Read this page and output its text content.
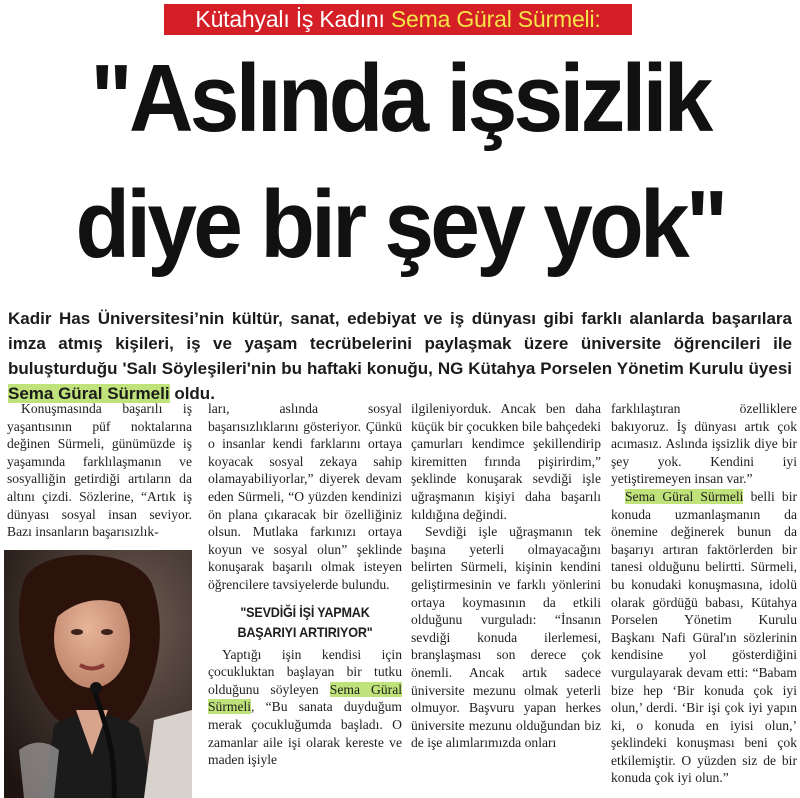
Kütahyalı İş Kadını
Sema Güral Sürmeli:
"Aslında işsizlik
diye bir şey yok"
Kadir Has Üniversitesi’nin kültür, sanat, edebiyat ve iş dünyası gibi farklı alanlarda başarılara imza atmış kişileri, iş ve yaşam tecrübelerini paylaşmak üzere üniversite öğrencileri ile buluşturduğu 'Salı Söyleşileri'nin bu haftaki konuğu, NG Kütahya Porselen Yönetim Kurulu üyesi Sema Güral Sürmeli oldu.

Konuşmasında başarılı iş yaşantısının püf noktalarına değinen Sürmeli, günümüzde iş yaşamında farklılaşmanın ve sosyalliğin getirdiği artıların da altını çizdi. Sözlerine, “Artık iş dünyası sosyal insan seviyor. Bazı insanların başarısızlık-

ları, aslında sosyal başarısızlıklarını gösteriyor. Çünkü o insanlar kendi farklarını ortaya koyacak sosyal zekaya sahip olamayabiliyorlar,” diyerek devam eden Sürmeli, “O yüzden kendinizi ön plana çıkaracak bir özelliğiniz olsun. Mutlaka farkınızı ortaya koyun ve sosyal olun” şeklinde konuşarak başarılı olmak isteyen öğrencilere tavsiyelerde bulundu.

"SEVDİĞİ İŞİ YAPMAK
BAŞARIYI ARTIRIYOR"

Yaptığı işin kendisi için çocukluktan başlayan bir tutku olduğunu söyleyen Sema Güral Sürmeli, “Bu sanata duyduğum merak çocukluğumda başladı. O zamanlar aile işi olarak kereste ve maden işiyle

ilgileniyorduk. Ancak ben daha küçük bir çocukken bile bahçedeki çamurları kendimce şekillendirip kiremitten fırında pişirirdim,” şeklinde konuşarak sevdiği işle uğraşmanın kişiyi daha başarılı kıldığına değindi.

Sevdiği işle uğraşmanın tek başına yeterli olmayacağını belirten Sürmeli, kişinin kendini geliştirmesinin ve farklı yönlerini ortaya koymasının da etkili olduğunu vurguladı: “İnsanın sevdiği konuda ilerlemesi, branşlaşması son derece çok önemli. Ancak artık sadece üniversite mezunu olmak yeterli olmuyor. Başvuru yapan herkes üniversite mezunu olduğundan biz de işe alımlarımızda onları

farklılaştıran özelliklere bakıyoruz. İş dünyası artık çok acımasız. Aslında işsizlik diye bir şey yok. Kendini iyi yetiştiremeyen insan var.”

Sema Güral Sürmeli belli bir konuda uzmanlaşmanın da önemine değinerek bunun da başarıyı artıran faktörlerden bir tanesi olduğunu belirtti. Sürmeli, bu konudaki konuşmasına, idolü olarak gördüğü babası, Kütahya Porselen Yönetim Kurulu Başkanı Nafi Güral'ın sözlerinin kendisine yol gösterdiğini vurgulayarak devam etti: “Babam bize hep ‘Bir konuda çok iyi olun,’ derdi. ‘Bir işi çok iyi yapın ki, o konuda en iyisi olun,’ şeklindeki konuşması beni çok etkilemiştir. O yüzden siz de bir konuda çok iyi olun.”
